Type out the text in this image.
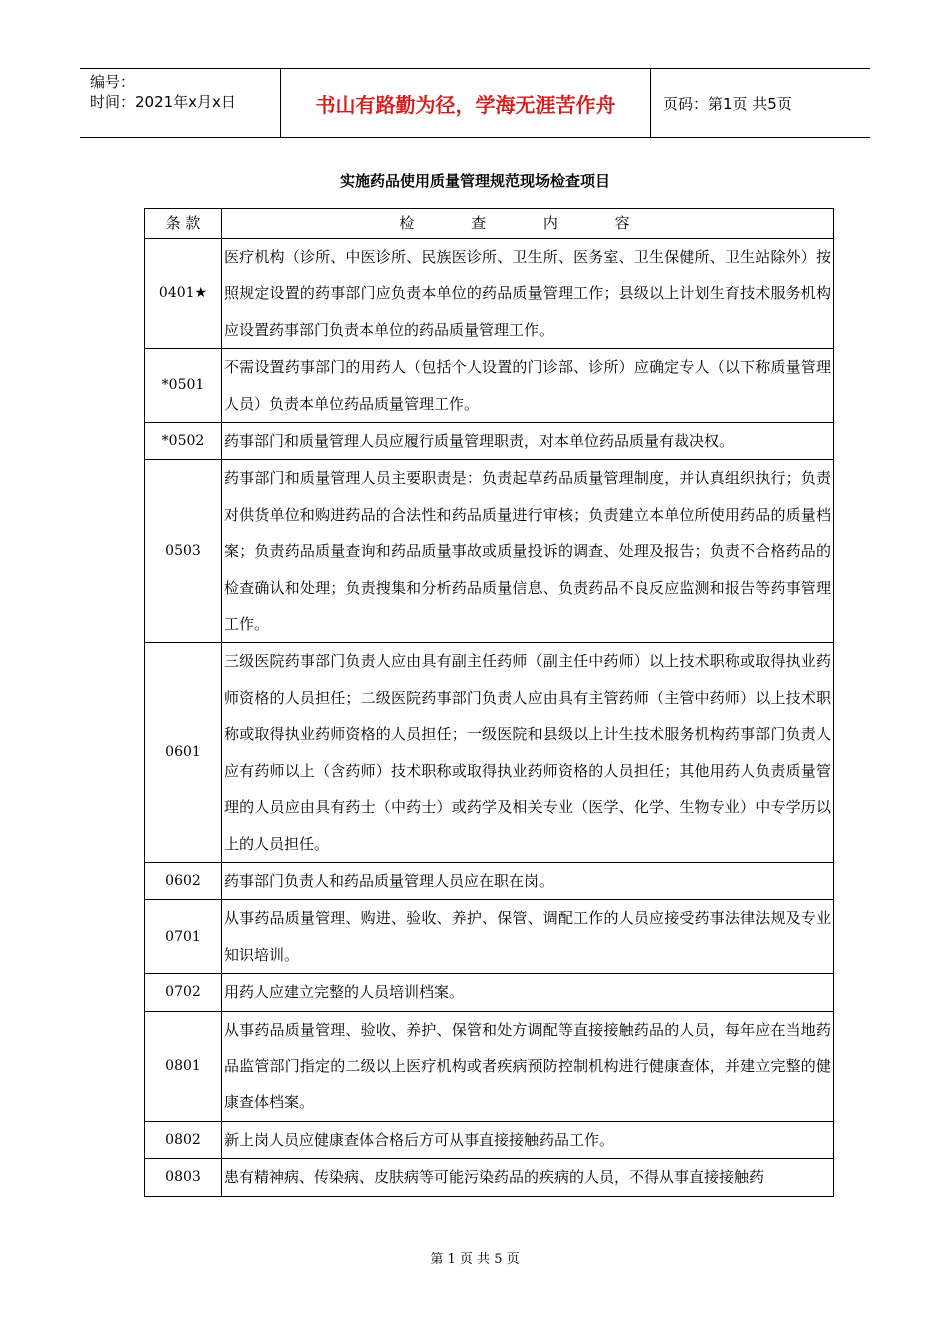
编号：
时间：2021年x月x日	书山有路勤为径，学海无涯苦作舟	页码：第1页 共5页
实施药品使用质量管理规范现场检查项目
条 款	检 查 内 容
0401★	医疗机构（诊所、中医诊所、民族医诊所、卫生所、医务室、卫生保健所、卫生站除外）按照规定设置的药事部门应负责本单位的药品质量管理工作；县级以上计划生育技术服务机构应设置药事部门负责本单位的药品质量管理工作。
*0501	不需设置药事部门的用药人（包括个人设置的门诊部、诊所）应确定专人（以下称质量管理人员）负责本单位药品质量管理工作。
*0502	药事部门和质量管理人员应履行质量管理职责，对本单位药品质量有裁决权。
0503	药事部门和质量管理人员主要职责是：负责起草药品质量管理制度，并认真组织执行；负责对供货单位和购进药品的合法性和药品质量进行审核；负责建立本单位所使用药品的质量档案；负责药品质量查询和药品质量事故或质量投诉的调查、处理及报告；负责不合格药品的检查确认和处理；负责搜集和分析药品质量信息、负责药品不良反应监测和报告等药事管理工作。
0601	三级医院药事部门负责人应由具有副主任药师（副主任中药师）以上技术职称或取得执业药师资格的人员担任；二级医院药事部门负责人应由具有主管药师（主管中药师）以上技术职称或取得执业药师资格的人员担任；一级医院和县级以上计生技术服务机构药事部门负责人应有药师以上（含药师）技术职称或取得执业药师资格的人员担任；其他用药人负责质量管理的人员应由具有药士（中药士）或药学及相关专业（医学、化学、生物专业）中专学历以上的人员担任。
0602	药事部门负责人和药品质量管理人员应在职在岗。
0701	从事药品质量管理、购进、验收、养护、保管、调配工作的人员应接受药事法律法规及专业知识培训。
0702	用药人应建立完整的人员培训档案。
0801	从事药品质量管理、验收、养护、保管和处方调配等直接接触药品的人员，每年应在当地药品监管部门指定的二级以上医疗机构或者疾病预防控制机构进行健康查体，并建立完整的健康查体档案。
0802	新上岗人员应健康查体合格后方可从事直接接触药品工作。
0803	患有精神病、传染病、皮肤病等可能污染药品的疾病的人员，不得从事直接接触药
第 1 页 共 5 页
